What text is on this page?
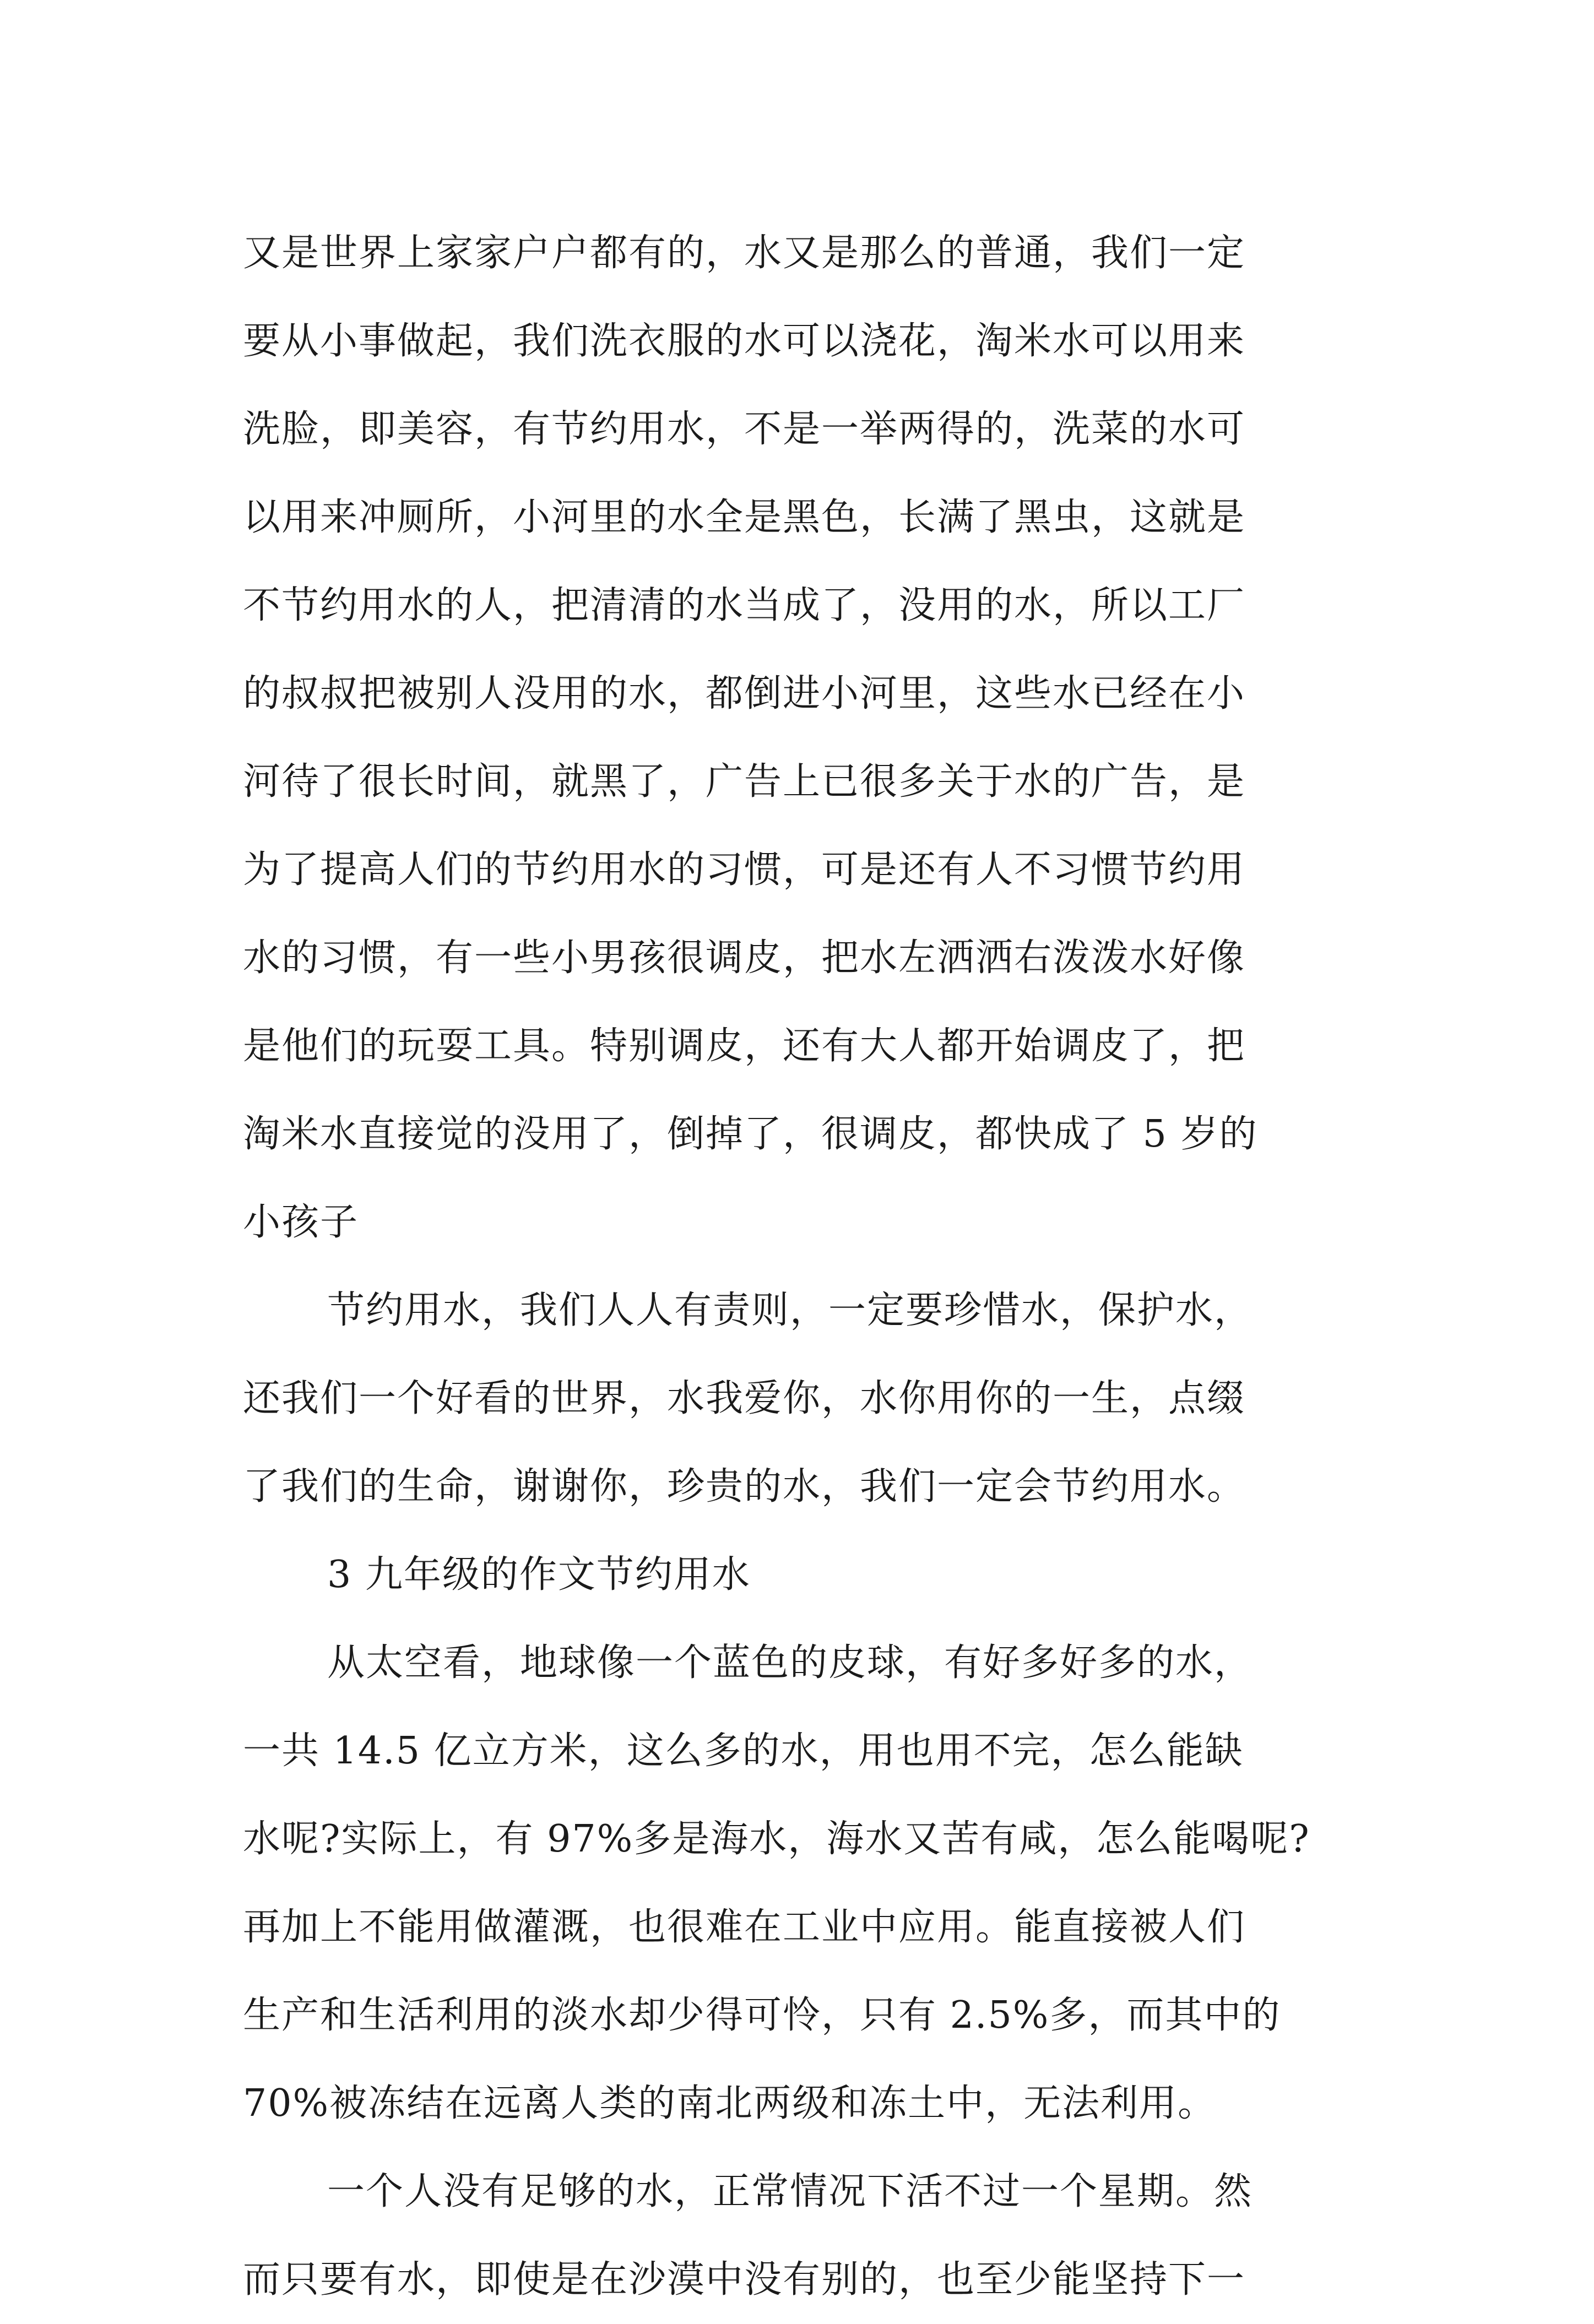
又是世界上家家户户都有的，水又是那么的普通，我们一定
要从小事做起，我们洗衣服的水可以浇花，淘米水可以用来
洗脸，即美容，有节约用水，不是一举两得的，洗菜的水可
以用来冲厕所，小河里的水全是黑色，长满了黑虫，这就是
不节约用水的人，把清清的水当成了，没用的水，所以工厂
的叔叔把被别人没用的水，都倒进小河里，这些水已经在小
河待了很长时间，就黑了，广告上已很多关于水的广告，是
为了提高人们的节约用水的习惯，可是还有人不习惯节约用
水的习惯，有一些小男孩很调皮，把水左洒洒右泼泼水好像
是他们的玩耍工具。特别调皮，还有大人都开始调皮了，把
淘米水直接觉的没用了，倒掉了，很调皮，都快成了 5 岁的
小孩子
节约用水，我们人人有责则，一定要珍惜水，保护水，
还我们一个好看的世界，水我爱你，水你用你的一生，点缀
了我们的生命，谢谢你，珍贵的水，我们一定会节约用水。
3 九年级的作文节约用水
从太空看，地球像一个蓝色的皮球，有好多好多的水，
一共 14.5 亿立方米，这么多的水，用也用不完，怎么能缺
水呢?实际上，有 97%多是海水，海水又苦有咸，怎么能喝呢?
再加上不能用做灌溉，也很难在工业中应用。能直接被人们
生产和生活利用的淡水却少得可怜，只有 2.5%多，而其中的
70%被冻结在远离人类的南北两级和冻土中，无法利用。
一个人没有足够的水，正常情况下活不过一个星期。然
而只要有水，即使是在沙漠中没有别的，也至少能坚持下一
